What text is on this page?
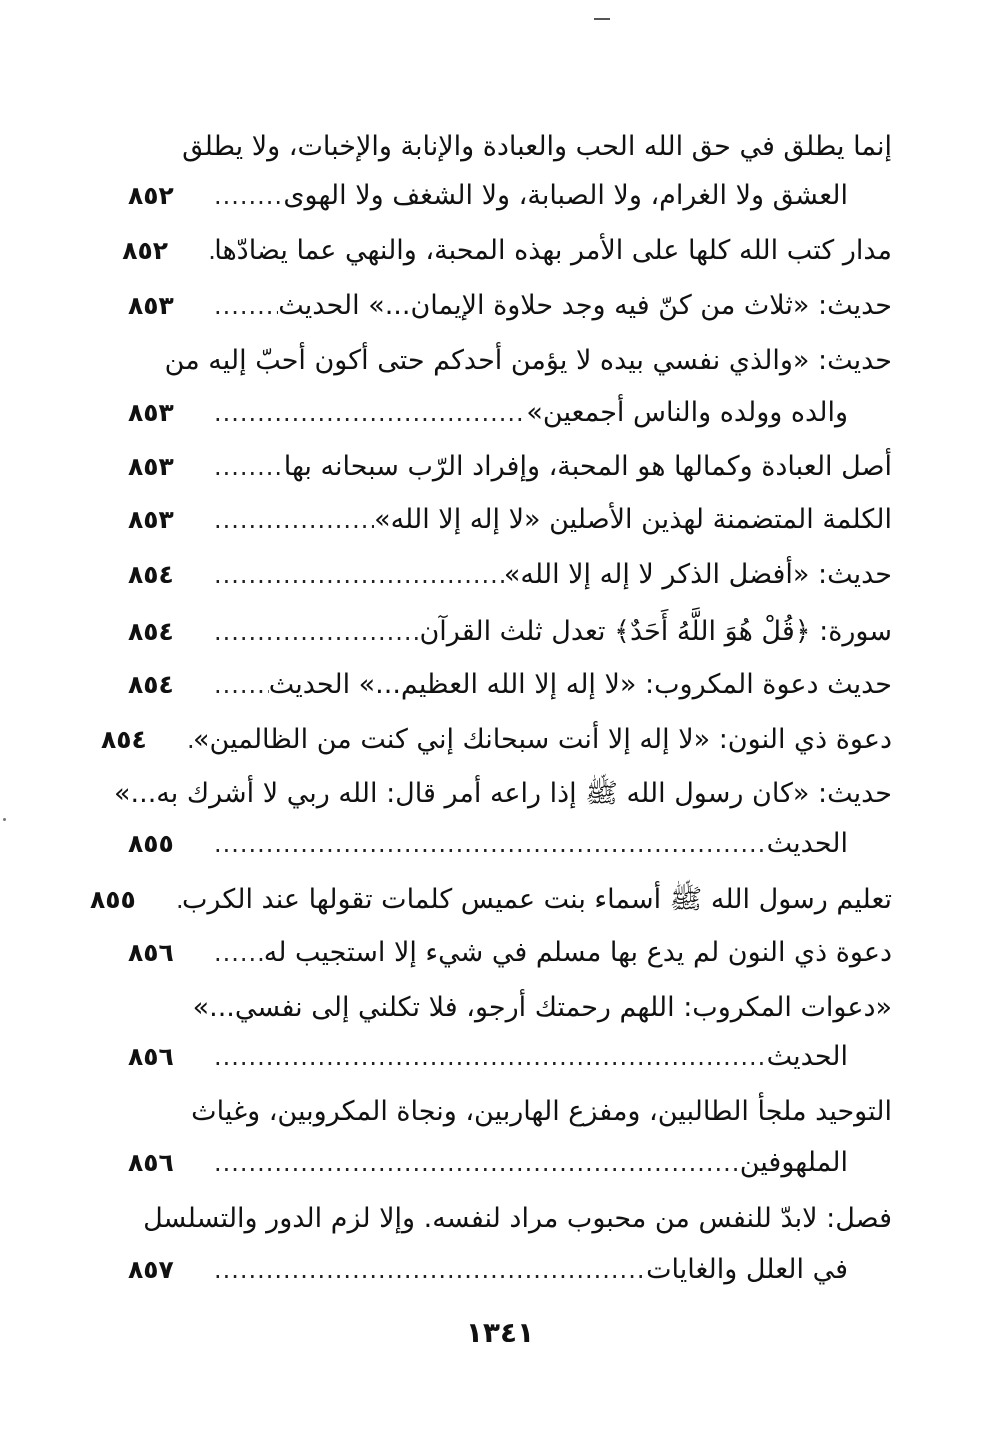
إنما يطلق في حق الله الحب والعبادة والإنابة والإخبات، ولا يطلق
العشق ولا الغرام، ولا الصبابة، ولا الشغف ولا الهوى
.....
٨٥٢
مدار كتب الله كلها على الأمر بهذه المحبة، والنهي عما يضادّها
.....
٨٥٢
حديث: «ثلاث من كنّ فيه وجد حلاوة الإيمان...» الحديث
.....
٨٥٣
حديث: «والذي نفسي بيده لا يؤمن أحدكم حتى أكون أحبّ إليه من
والده وولده والناس أجمعين»
.....
٨٥٣
أصل العبادة وكمالها هو المحبة، وإفراد الرّب سبحانه بها
.....
٨٥٣
الكلمة المتضمنة لهذين الأصلين «لا إله إلا الله»
.....
٨٥٣
حديث: «أفضل الذكر لا إله إلا الله»
.....
٨٥٤
سورة: ﴿قُلْ هُوَ اللَّهُ أَحَدٌ﴾ تعدل ثلث القرآن
.....
٨٥٤
حديث دعوة المكروب: «لا إله إلا الله العظيم...» الحديث
.....
٨٥٤
دعوة ذي النون: «لا إله إلا أنت سبحانك إني كنت من الظالمين»
.....
٨٥٤
حديث: «كان رسول الله ﷺ إذا راعه أمر قال: الله ربي لا أشرك به...»
الحديث
.....
٨٥٥
تعليم رسول الله ﷺ أسماء بنت عميس كلمات تقولها عند الكرب
.....
٨٥٥
دعوة ذي النون لم يدع بها مسلم في شيء إلا استجيب له
.....
٨٥٦
«دعوات المكروب: اللهم رحمتك أرجو، فلا تكلني إلى نفسي...»
الحديث
.....
٨٥٦
التوحيد ملجأ الطالبين، ومفزع الهاربين، ونجاة المكروبين، وغياث
الملهوفين
.....
٨٥٦
فصل: لابدّ للنفس من محبوب مراد لنفسه. وإلا لزم الدور والتسلسل
في العلل والغايات
.....
٨٥٧
١٣٤١
